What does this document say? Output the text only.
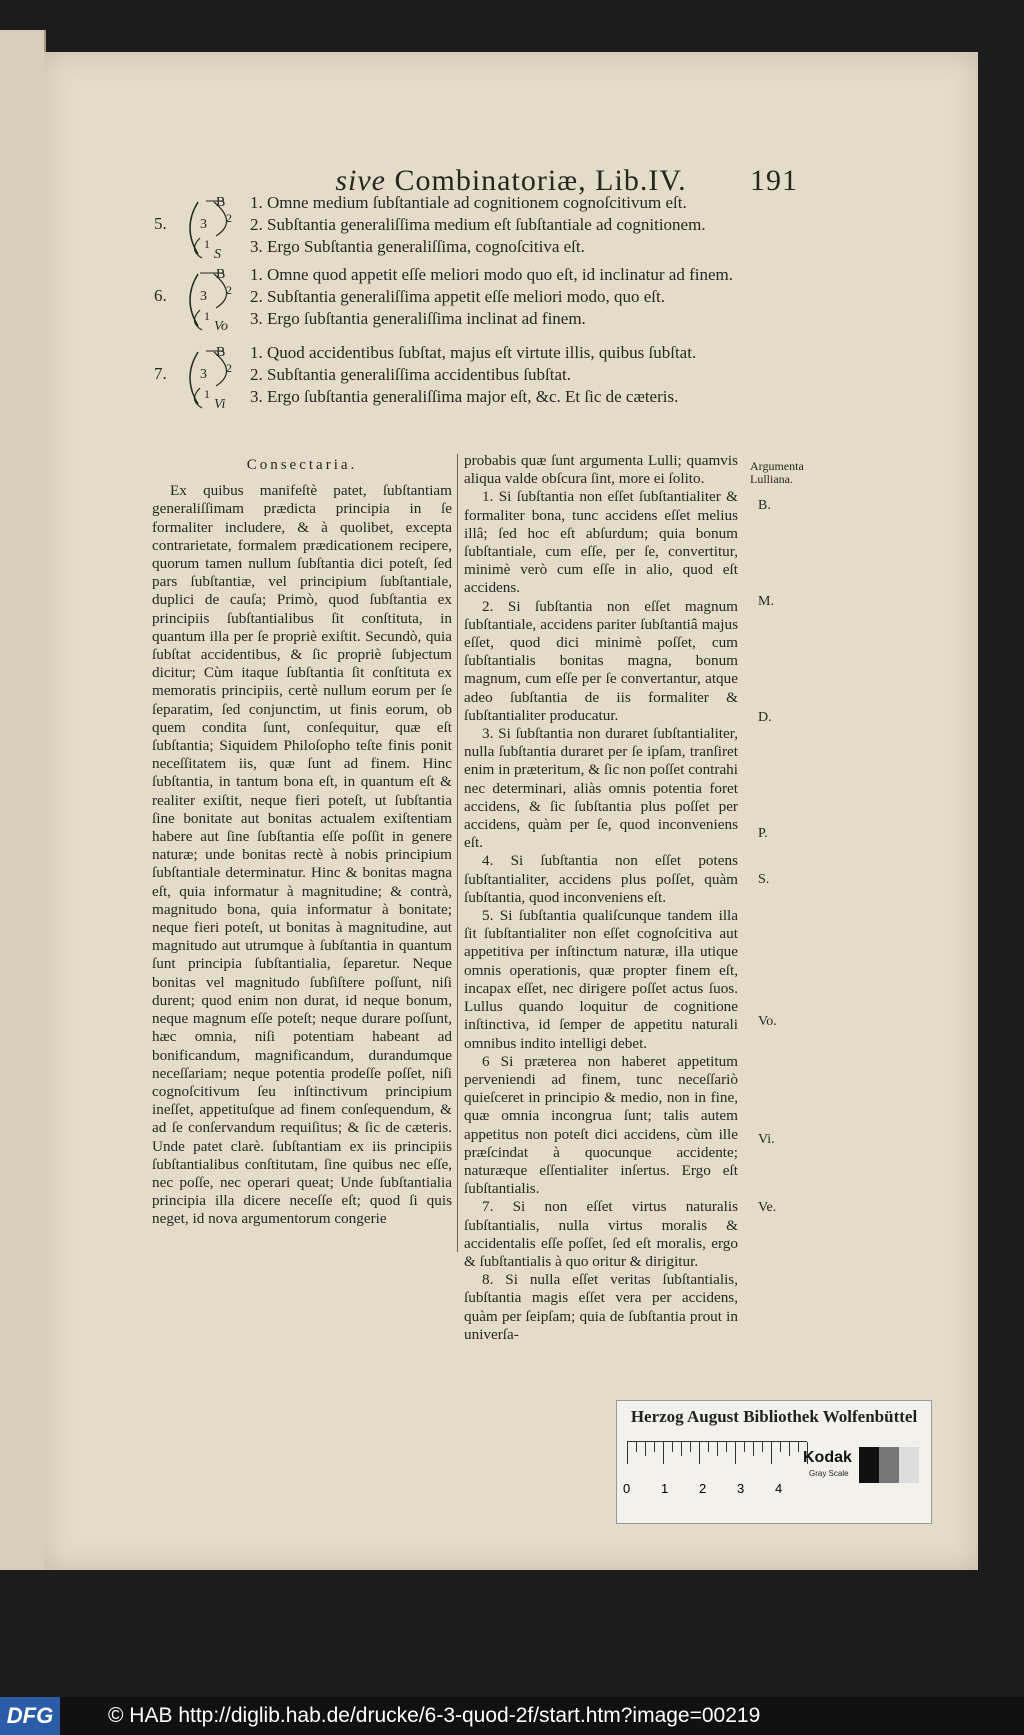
sive Combinatoriæ, Lib.IV. 191
5.
B
3 2
1
S
1. Omne medium ſubſtantiale ad cognitionem cognoſcitivum eſt.
2. Subſtantia generaliſſima medium eſt ſubſtantiale ad cognitionem.
3. Ergo Subſtantia generaliſſima, cognoſcitiva eſt.
6.
B
3 2
1
Vo
1. Omne quod appetit eſſe meliori modo quo eſt, id inclinatur ad finem.
2. Subſtantia generaliſſima appetit eſſe meliori modo, quo eſt.
3. Ergo ſubſtantia generaliſſima inclinat ad finem.
7.
B
3 2
1
Vi
1. Quod accidentibus ſubſtat, majus eſt virtute illis, quibus ſubſtat.
2. Subſtantia generaliſſima accidentibus ſubſtat.
3. Ergo ſubſtantia generaliſſima major eſt, &c. Et ſic de cæteris.
Consectaria.

Ex quibus manifeſtè patet, ſubſtantiam generaliſſimam prædicta principia in ſe formaliter includere, & à quolibet, excepta contrarietate, formalem prædicationem recipere, quorum tamen nullum ſubſtantia dici poteſt, ſed pars ſubſtantiæ, vel principium ſubſtantiale, duplici de cauſa; Primò, quod ſubſtantia ex principiis ſubſtantialibus ſit conſtituta, in quantum illa per ſe propriè exiſtit. Secundò, quia ſubſtat accidentibus, & ſic propriè ſubjectum dicitur; Cùm itaque ſubſtantia ſit conſtituta ex memoratis principiis, certè nullum eorum per ſe ſeparatim, ſed conjunctim, ut finis eorum, ob quem condita ſunt, conſequitur, quæ eſt ſubſtantia; Siquidem Philoſopho teſte finis ponit neceſſitatem iis, quæ ſunt ad finem. Hinc ſubſtantia, in tantum bona eſt, in quantum eſt & realiter exiſtit, neque fieri poteſt, ut ſubſtantia ſine bonitate aut bonitas actualem exiſtentiam habere aut ſine ſubſtantia eſſe poſſit in genere naturæ; unde bonitas rectè à nobis principium ſubſtantiale determinatur. Hinc & bonitas magna eſt, quia informatur à magnitudine; & contrà, magnitudo bona, quia informatur à bonitate; neque fieri poteſt, ut bonitas à magnitudine, aut magnitudo aut utrumque à ſubſtantia in quantum ſunt principia ſubſtantialia, ſeparetur. Neque bonitas vel magnitudo ſubſiſtere poſſunt, niſi durent; quod enim non durat, id neque bonum, neque magnum eſſe poteſt; neque durare poſſunt, hæc omnia, niſi potentiam habeant ad bonificandum, magnificandum, durandumque neceſſariam; neque potentia prodeſſe poſſet, niſi cognoſcitivum ſeu inſtinctivum principium ineſſet, appetituſque ad finem conſequendum, & ad ſe conſervandum requiſitus; & ſic de cæteris. Unde patet clarè. ſubſtantiam ex iis principiis ſubſtantialibus conſtitutam, ſine quibus nec eſſe, nec poſſe, nec operari queat; Unde ſubſtantialia principia illa dicere neceſſe eſt; quod ſi quis neget, id nova argumentorum congerie

probabis quæ ſunt argumenta Lulli; quamvis aliqua valde obſcura ſint, more ei ſolito.

1. Si ſubſtantia non eſſet ſubſtantialiter & formaliter bona, tunc accidens eſſet melius illâ; ſed hoc eſt abſurdum; quia bonum ſubſtantiale, cum eſſe, per ſe, convertitur, minimè verò cum eſſe in alio, quod eſt accidens.

2. Si ſubſtantia non eſſet magnum ſubſtantiale, accidens pariter ſubſtantiâ majus eſſet, quod dici minimè poſſet, cum ſubſtantialis bonitas magna, bonum magnum, cum eſſe per ſe convertantur, atque adeo ſubſtantia de iis formaliter & ſubſtantialiter producatur.

3. Si ſubſtantia non duraret ſubſtantialiter, nulla ſubſtantia duraret per ſe ipſam, tranſiret enim in præteritum, & ſic non poſſet contrahi nec determinari, aliàs omnis potentia foret accidens, & ſic ſubſtantia plus poſſet per accidens, quàm per ſe, quod inconveniens eſt.

4. Si ſubſtantia non eſſet potens ſubſtantialiter, accidens plus poſſet, quàm ſubſtantia, quod inconveniens eſt.

5. Si ſubſtantia qualiſcunque tandem illa ſit ſubſtantialiter non eſſet cognoſcitiva aut appetitiva per inſtinctum naturæ, illa utique omnis operationis, quæ propter finem eſt, incapax eſſet, nec dirigere poſſet actus ſuos. Lullus quando loquitur de cognitione inſtinctiva, id ſemper de appetitu naturali omnibus indito intelligi debet.

6 Si præterea non haberet appetitum perveniendi ad finem, tunc neceſſariò quieſceret in principio & medio, non in fine, quæ omnia incongrua ſunt; talis autem appetitus non poteſt dici accidens, cùm ille præſcindat à quocunque accidente; naturæque eſſentialiter inſertus. Ergo eſt ſubſtantialis.

7. Si non eſſet virtus naturalis ſubſtantialis, nulla virtus moralis & accidentalis eſſe poſſet, ſed eſt moralis, ergo & ſubſtantialis à quo oritur & dirigitur.

8. Si nulla eſſet veritas ſubſtantialis, ſubſtantia magis eſſet vera per accidens, quàm per ſeipſam; quia de ſubſtantia prout in univerſa-

Argumenta Lulliana.
B.
M.
D.
P.
S.
Vo.
Vi.
Ve.
Herzog August Bibliothek Wolfenbüttel
0 1 2 3 4
Kodak
Gray Scale
DFG	© HAB http://diglib.hab.de/drucke/6-3-quod-2f/start.htm?image=00219
